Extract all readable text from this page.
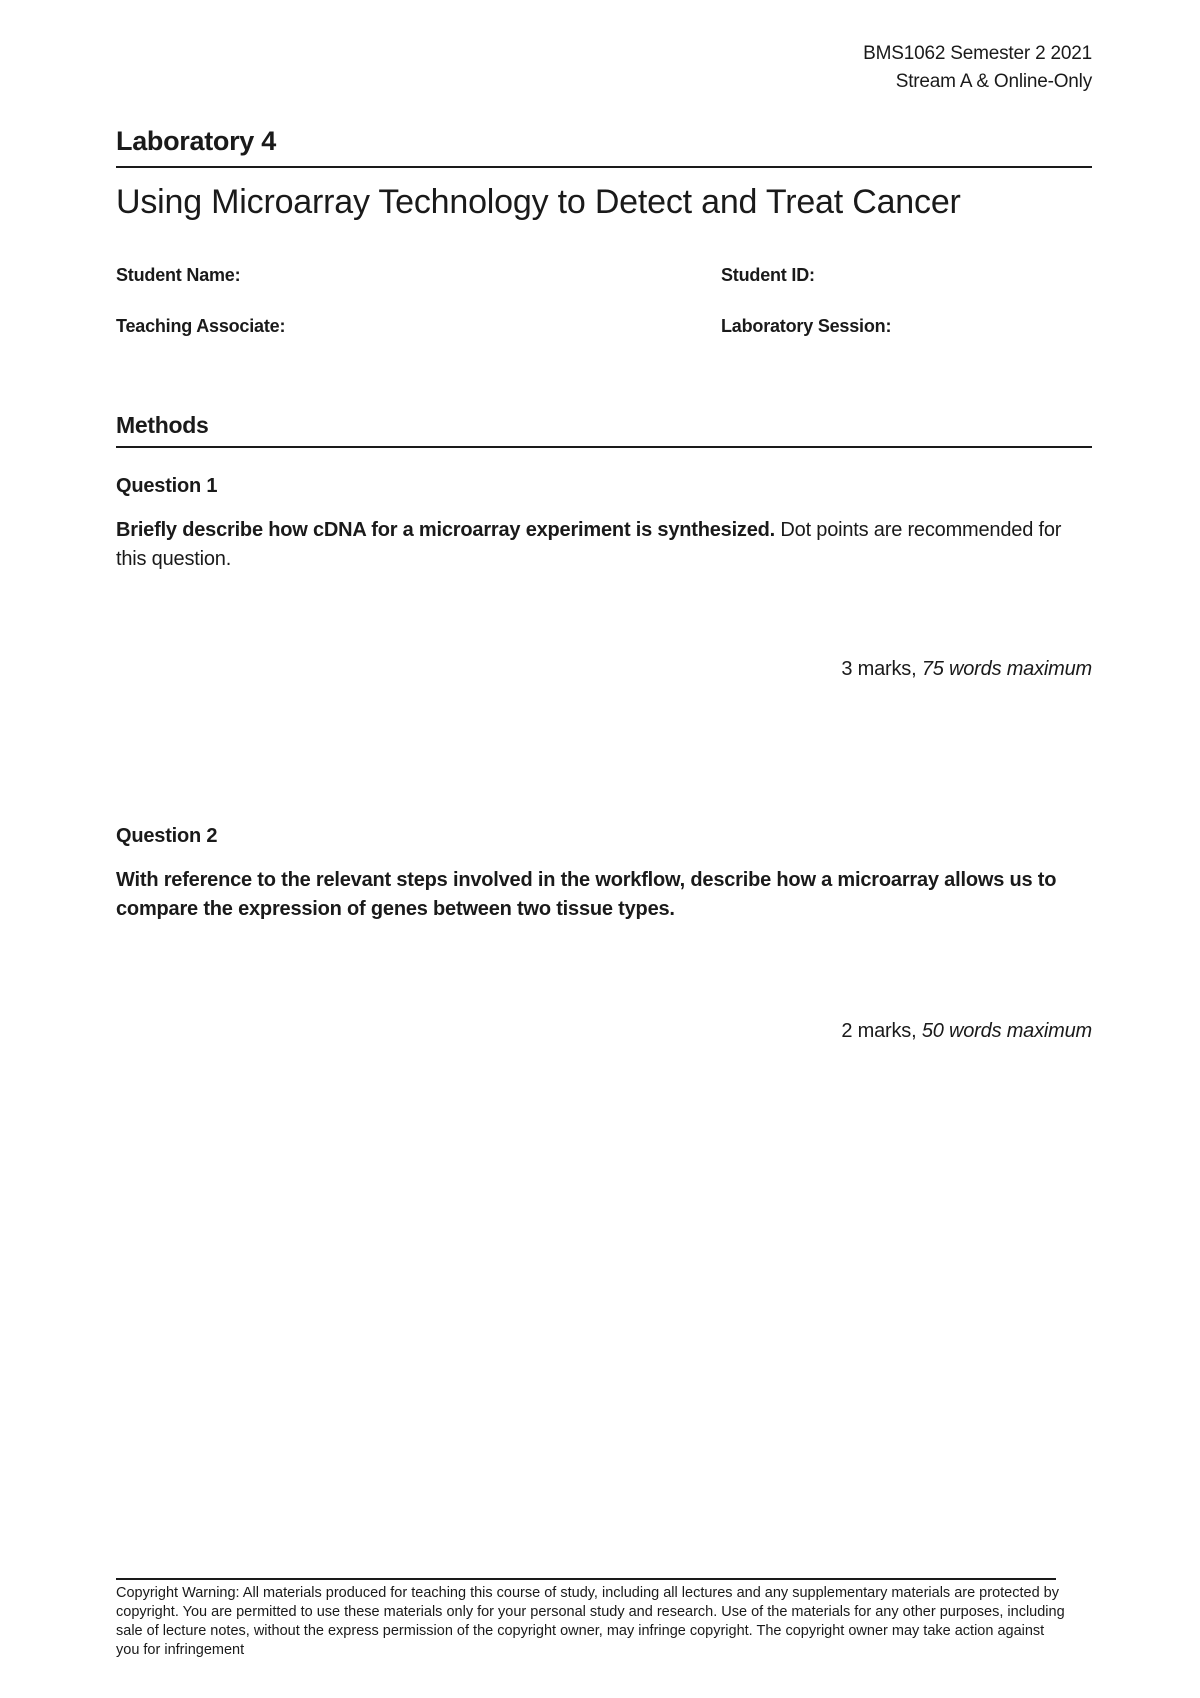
BMS1062 Semester 2 2021
Stream A & Online-Only
Laboratory 4
Using Microarray Technology to Detect and Treat Cancer
Student Name:	Student ID:
Teaching Associate:	Laboratory Session:
Methods
Question 1
Briefly describe how cDNA for a microarray experiment is synthesized. Dot points are recommended for this question.
3 marks, 75 words maximum
Question 2
With reference to the relevant steps involved in the workflow, describe how a microarray allows us to compare the expression of genes between two tissue types.
2 marks, 50 words maximum
Copyright Warning: All materials produced for teaching this course of study, including all lectures and any supplementary materials are protected by copyright. You are permitted to use these materials only for your personal study and research. Use of the materials for any other purposes, including sale of lecture notes, without the express permission of the copyright owner, may infringe copyright. The copyright owner may take action against you for infringement
